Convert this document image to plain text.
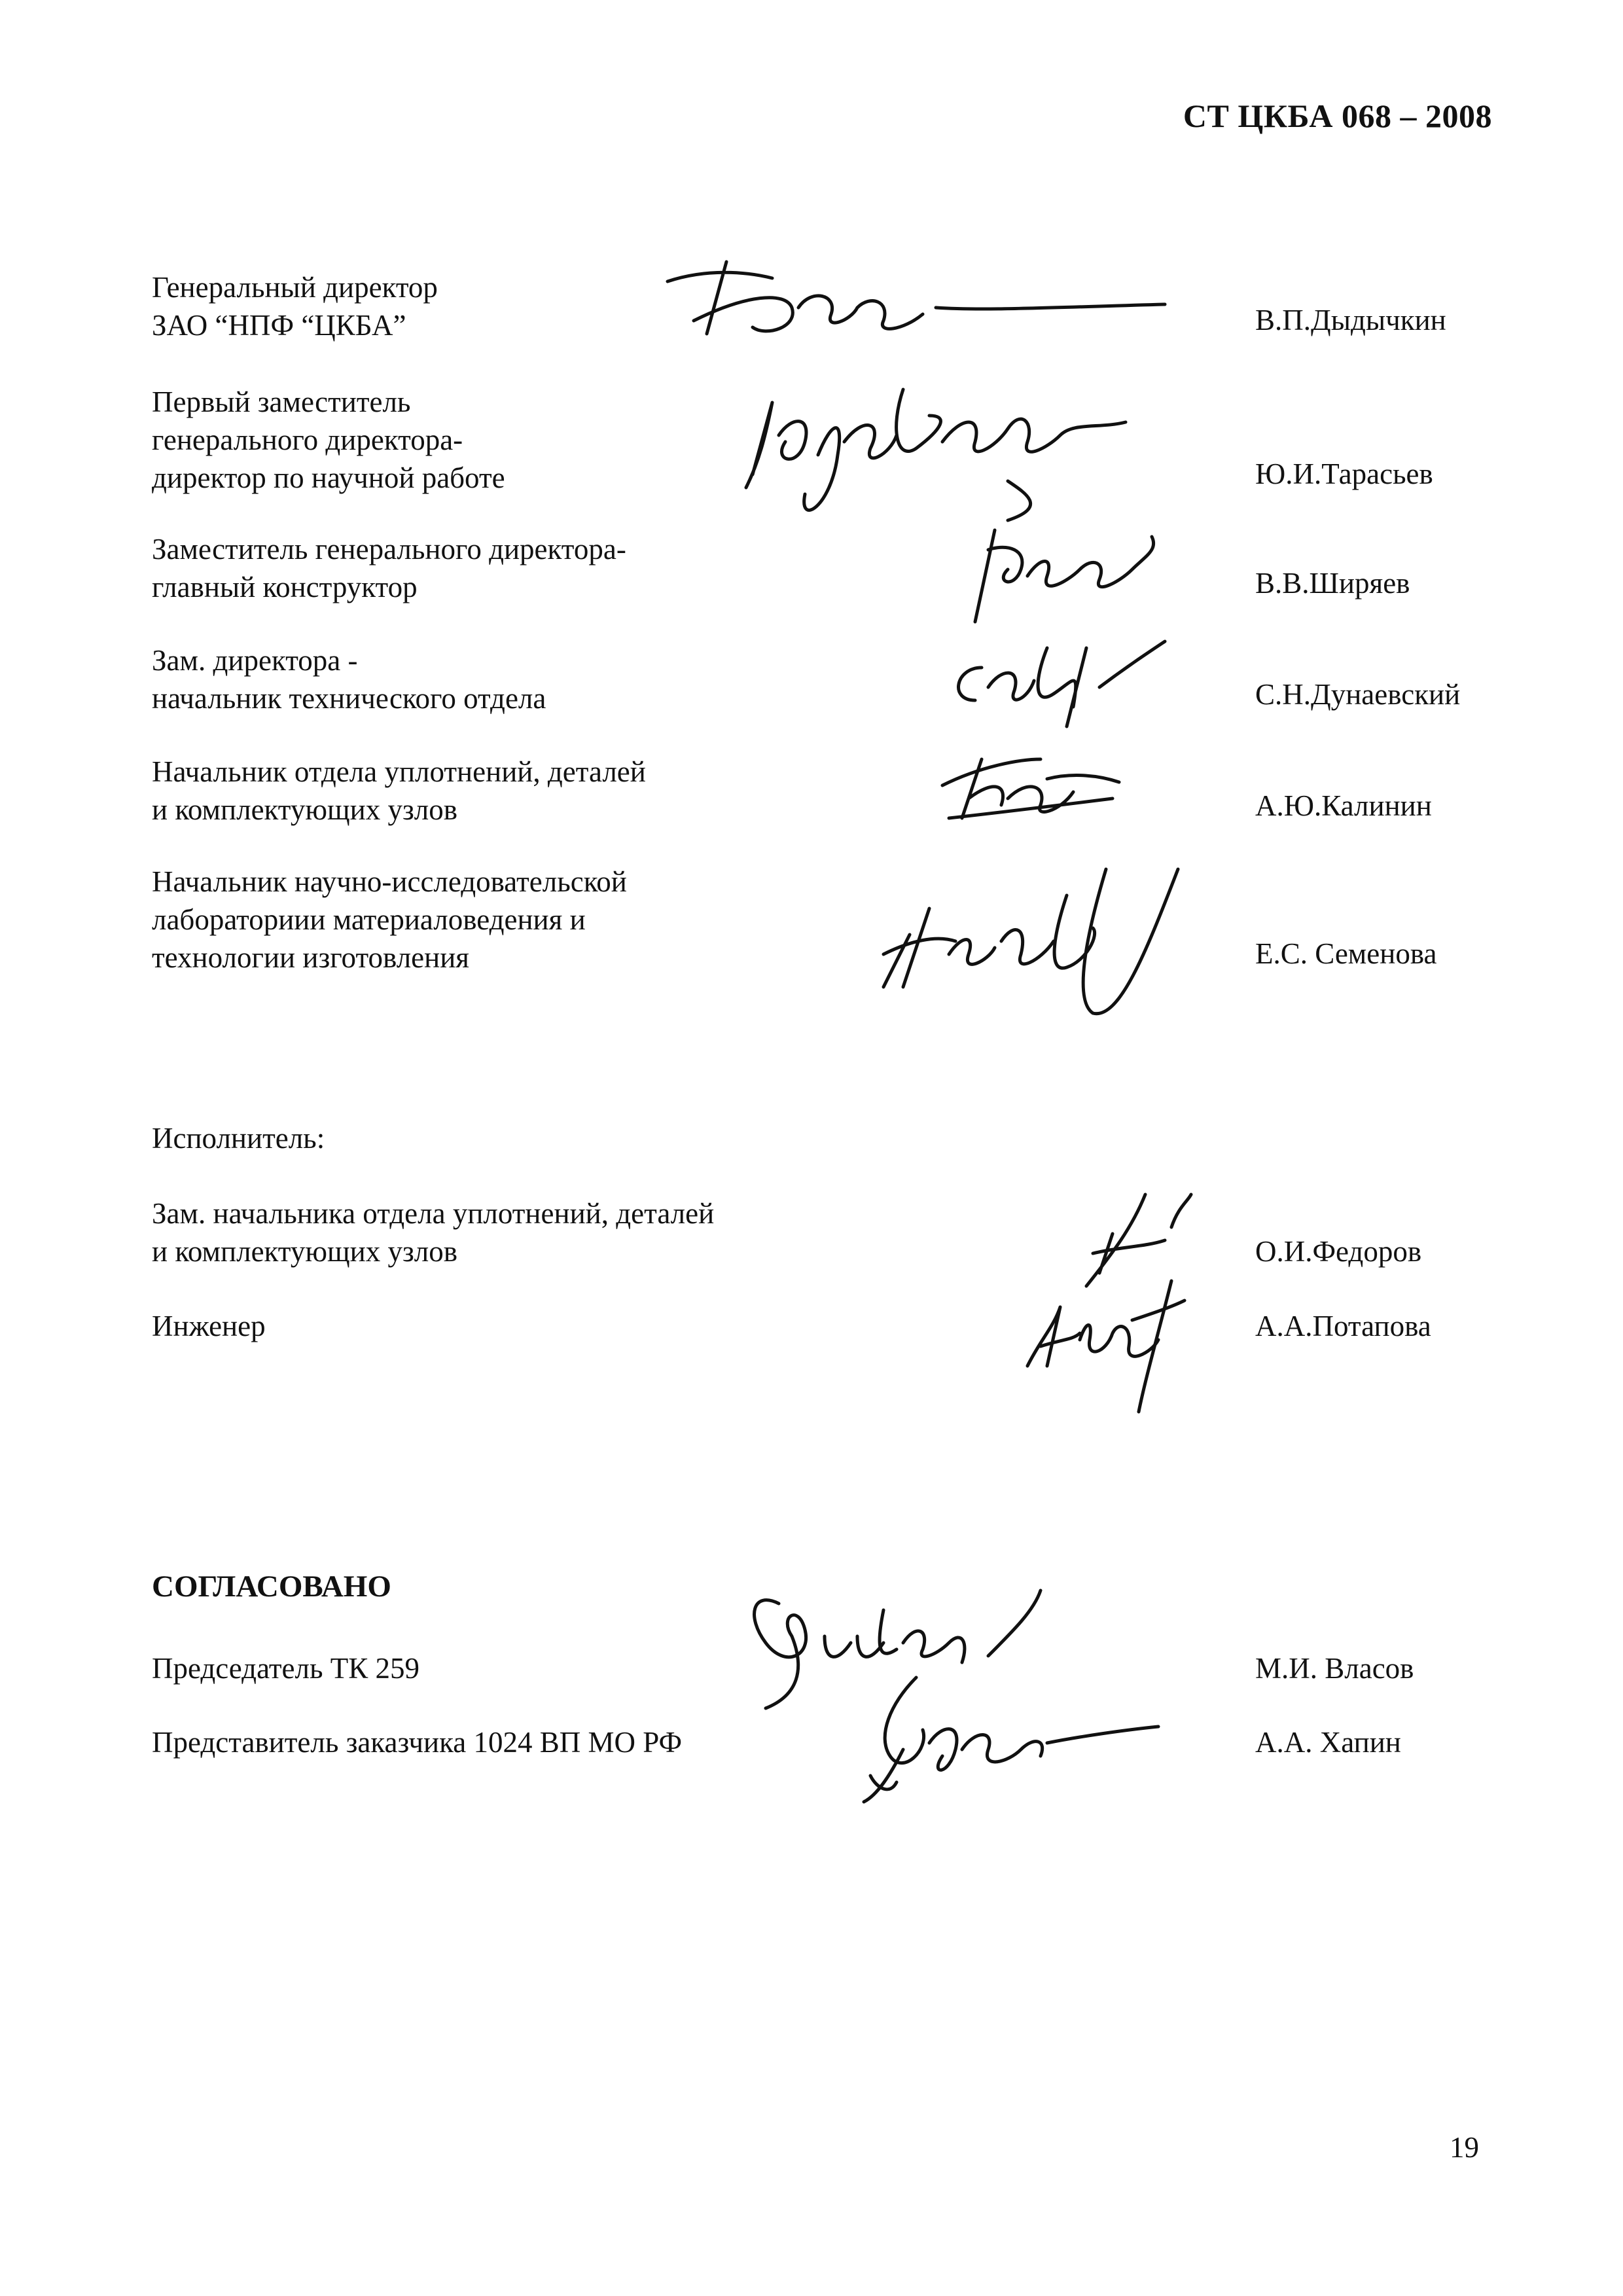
СТ ЦКБА 068 – 2008
Генеральный директор
ЗАО “НПФ “ЦКБА”	В.П.Дыдычкин
Первый заместитель
генерального директора-
директор по научной работе	Ю.И.Тарасьев
Заместитель генерального директора-
главный конструктор	В.В.Ширяев
Зам. директора -
начальник технического отдела	С.Н.Дунаевский
Начальник отдела уплотнений, деталей
и комплектующих узлов	А.Ю.Калинин
Начальник научно-исследовательской
лабораториии материаловедения и
технологии изготовления	Е.С. Семенова
Исполнитель:
Зам. начальника отдела уплотнений, деталей
и комплектующих узлов	О.И.Федоров
Инженер	А.А.Потапова
СОГЛАСОВАНО
Председатель ТК 259	М.И. Власов
Представитель заказчика 1024 ВП МО РФ	А.А. Хапин
19
